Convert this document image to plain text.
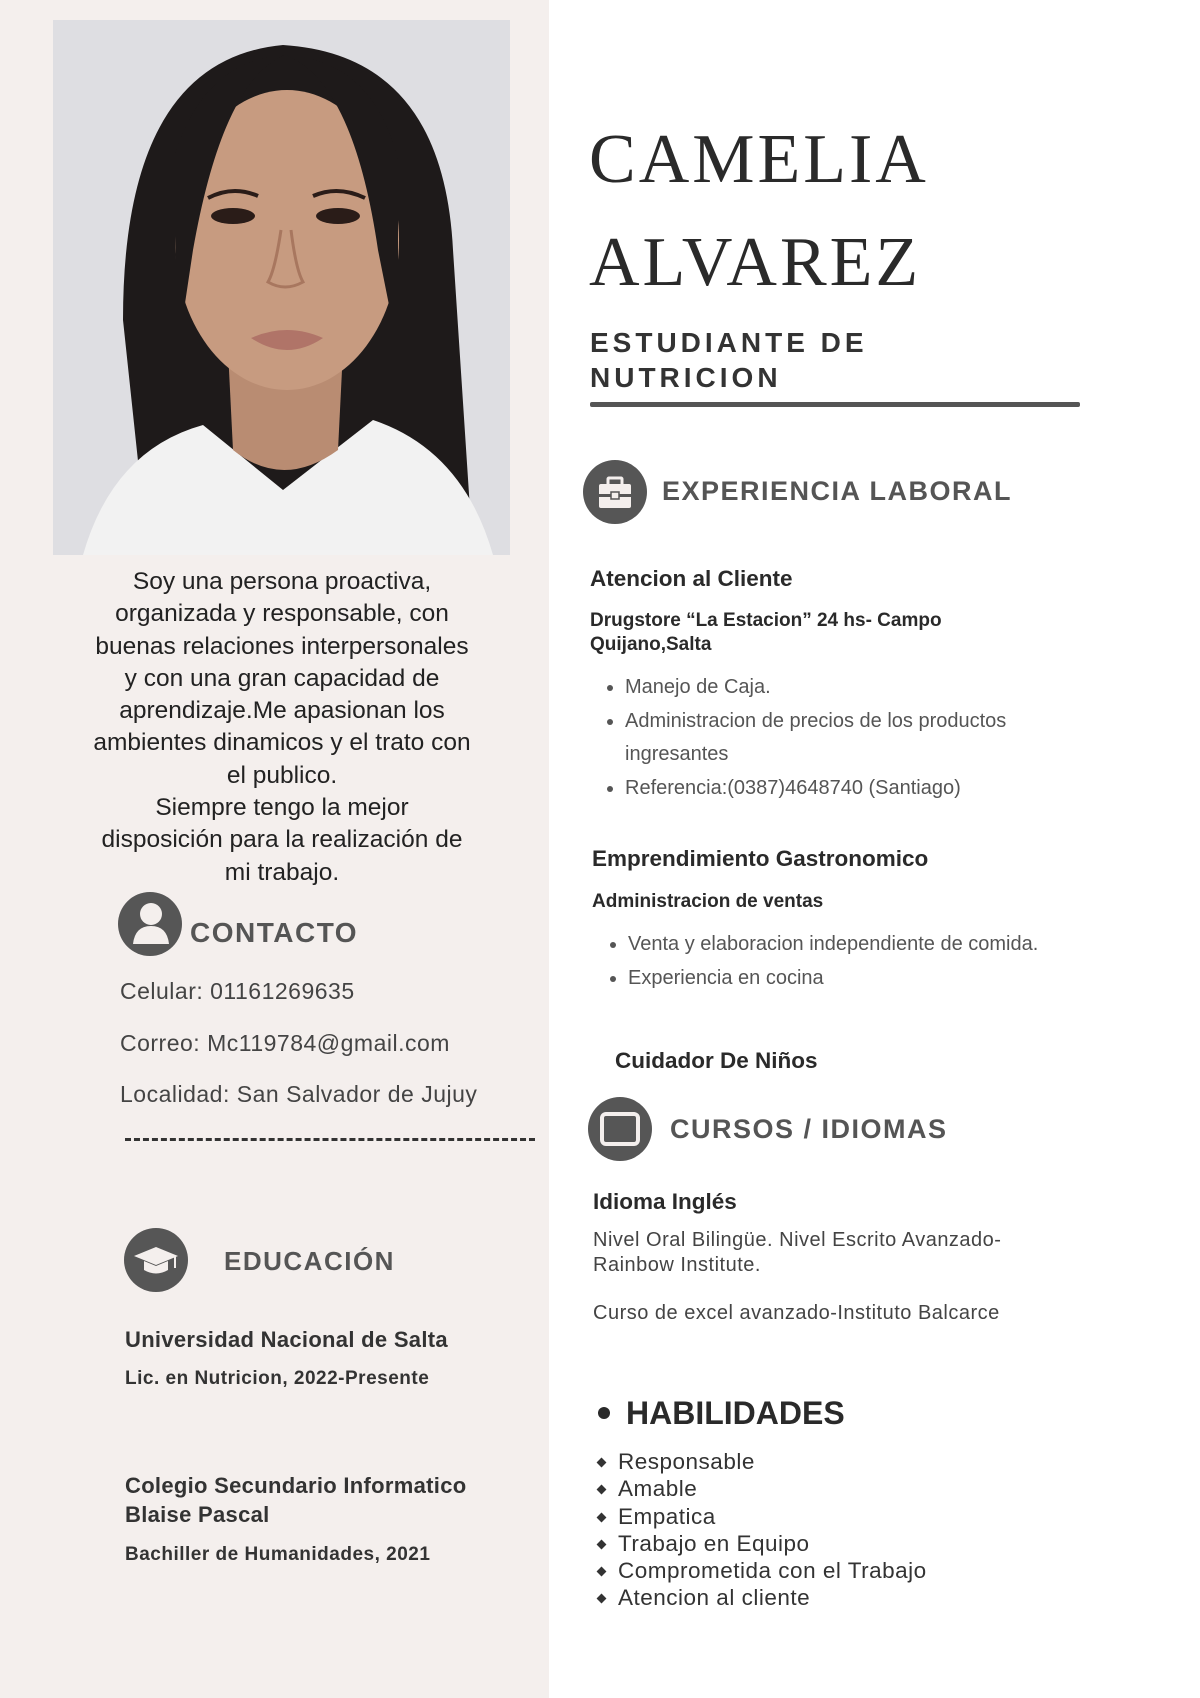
Soy una persona proactiva,

organizada y responsable, con

buenas relaciones interpersonales

y con una gran capacidad de

aprendizaje.Me apasionan los

ambientes dinamicos y el trato con

el publico.

Siempre tengo la mejor

disposición para la realización de

mi trabajo.

CONTACTO
Celular: 01161269635
Correo: Mc119784@gmail.com
Localidad: San Salvador de Jujuy
EDUCACIÓN
Universidad Nacional de Salta
Lic. en Nutricion, 2022-Presente
Colegio Secundario Informatico
Blaise Pascal
Bachiller de Humanidades, 2021
CAMELIA
ALVAREZ
ESTUDIANTE DE
NUTRICION
EXPERIENCIA LABORAL
Atencion al Cliente
Drugstore “La Estacion” 24 hs- Campo
Quijano,Salta
• Manejo de Caja.
• Administracion de precios de los productos ingresantes
• Referencia:(0387)4648740 (Santiago)
Emprendimiento Gastronomico
Administracion de ventas
• Venta y elaboracion independiente de comida.
• Experiencia en cocina
Cuidador De Niños
CURSOS / IDIOMAS
Idioma Inglés
Nivel Oral Bilingüe. Nivel Escrito Avanzado-
Rainbow Institute.
Curso de excel avanzado-Instituto Balcarce
HABILIDADES
Responsable
Amable
Empatica
Trabajo en Equipo
Comprometida con el Trabajo
Atencion al cliente
